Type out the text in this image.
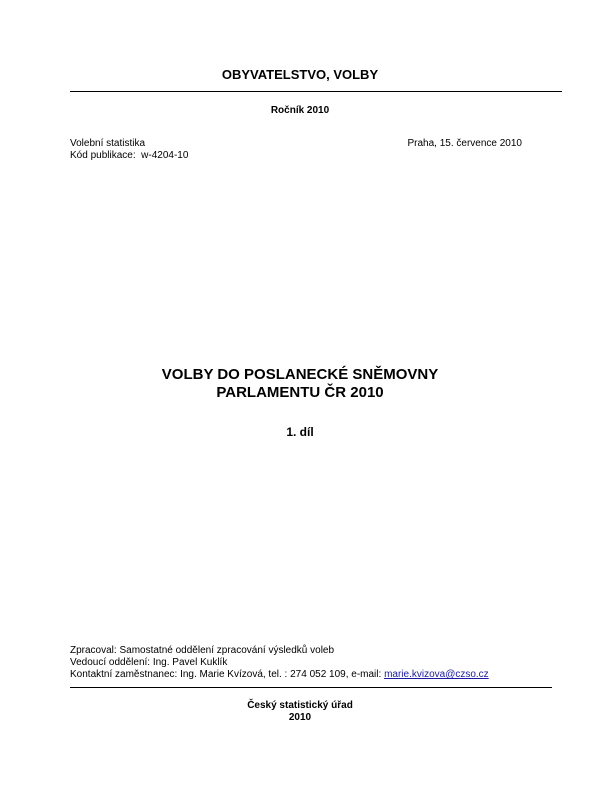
OBYVATELSTVO, VOLBY
Ročník 2010
Volební statistika
Kód publikace: w-4204-10
Praha, 15. července 2010
VOLBY DO POSLANECKÉ SNĚMOVNY
PARLAMENTU ČR 2010
1. díl
Zpracoval: Samostatné oddělení zpracování výsledků voleb
Vedoucí oddělení: Ing. Pavel Kuklík
Kontaktní zaměstnanec: Ing. Marie Kvízová, tel. : 274 052 109, e-mail: marie.kvizova@czso.cz
Český statistický úřad
2010
